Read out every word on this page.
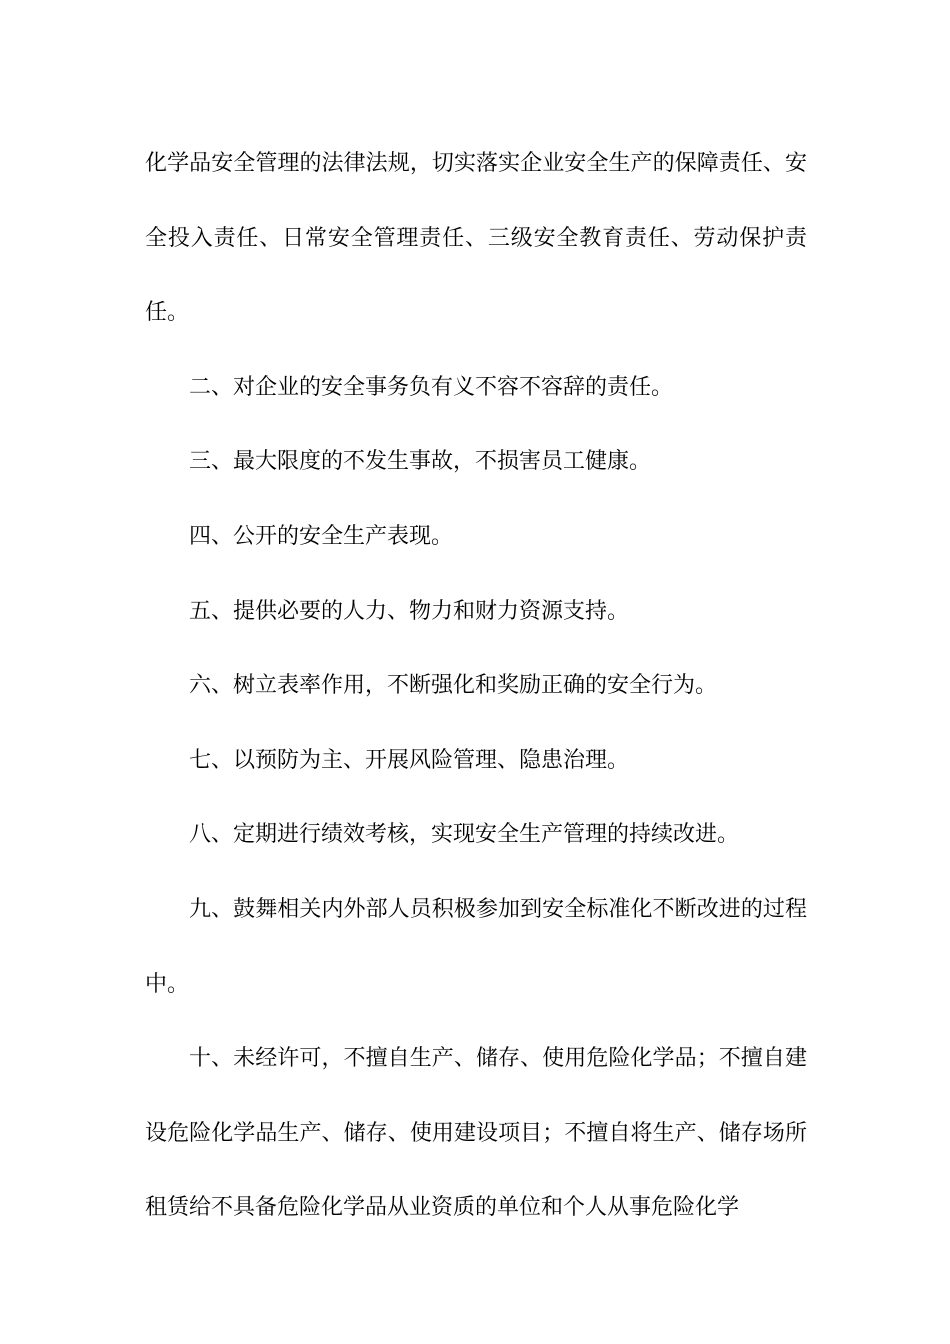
化学品安全管理的法律法规，切实落实企业安全生产的保障责任、安全投入责任、日常安全管理责任、三级安全教育责任、劳动保护责任。

二、对企业的安全事务负有义不容不容辞的责任。

三、最大限度的不发生事故，不损害员工健康。

四、公开的安全生产表现。

五、提供必要的人力、物力和财力资源支持。

六、树立表率作用，不断强化和奖励正确的安全行为。

七、以预防为主、开展风险管理、隐患治理。

八、定期进行绩效考核，实现安全生产管理的持续改进。

九、鼓舞相关内外部人员积极参加到安全标准化不断改进的过程中。

十、未经许可，不擅自生产、储存、使用危险化学品；不擅自建设危险化学品生产、储存、使用建设项目；不擅自将生产、储存场所租赁给不具备危险化学品从业资质的单位和个人从事危险化学
